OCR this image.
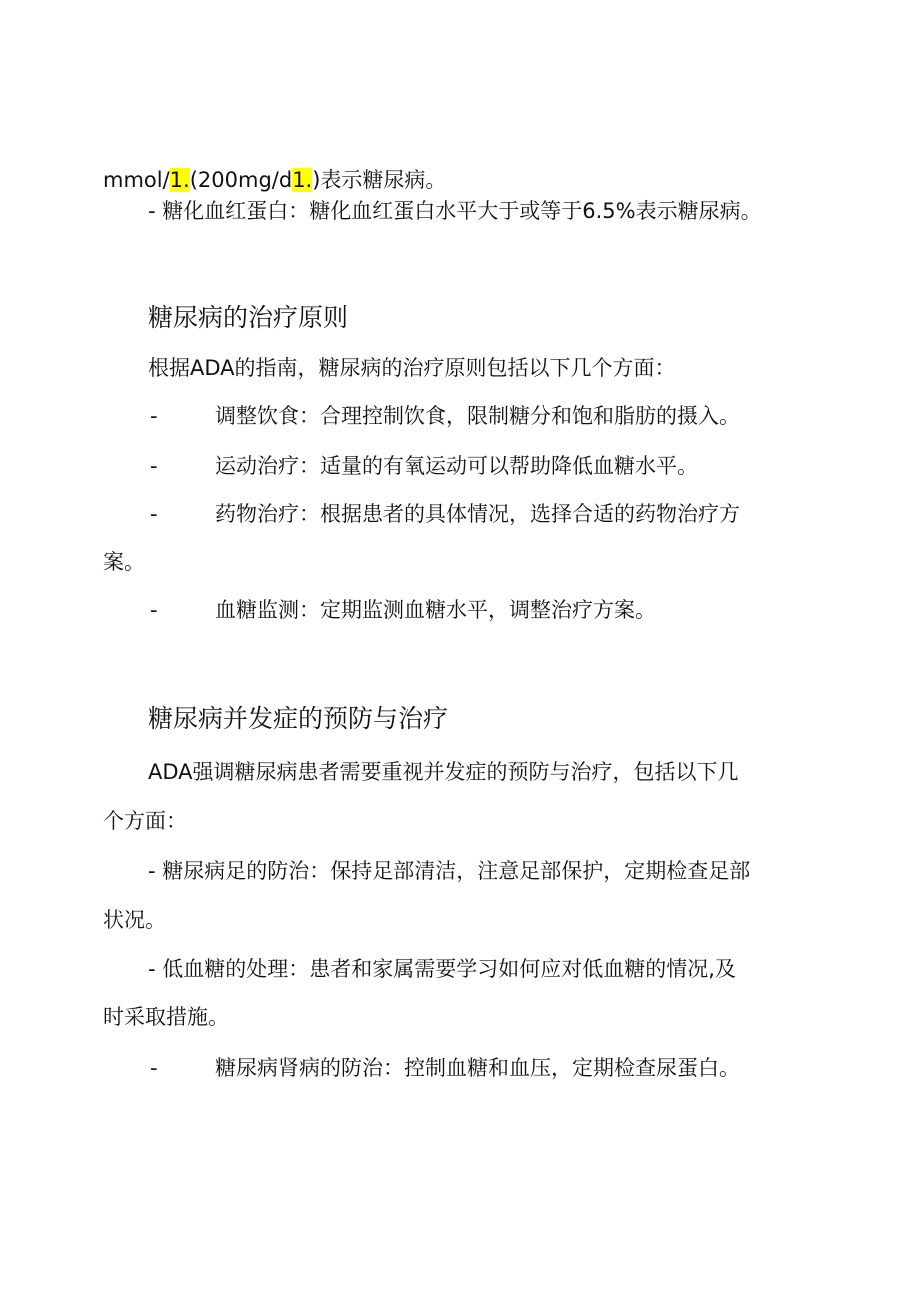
mmol/1.(200mg/d1.)表示糖尿病。
- 糖化血红蛋白：糖化血红蛋白水平大于或等于6.5%表示糖尿病。
糖尿病的治疗原则
根据ADA的指南，糖尿病的治疗原则包括以下几个方面：
-	调整饮食：合理控制饮食，限制糖分和饱和脂肪的摄入。
-	运动治疗：适量的有氧运动可以帮助降低血糖水平。
-	药物治疗：根据患者的具体情况，选择合适的药物治疗方
案。
-	血糖监测：定期监测血糖水平，调整治疗方案。
糖尿病并发症的预防与治疗
ADA强调糖尿病患者需要重视并发症的预防与治疗，包括以下几
个方面：
- 糖尿病足的防治：保持足部清洁，注意足部保护，定期检查足部
状况。
- 低血糖的处理：患者和家属需要学习如何应对低血糖的情况,及
时采取措施。
-	糖尿病肾病的防治：控制血糖和血压，定期检查尿蛋白。
